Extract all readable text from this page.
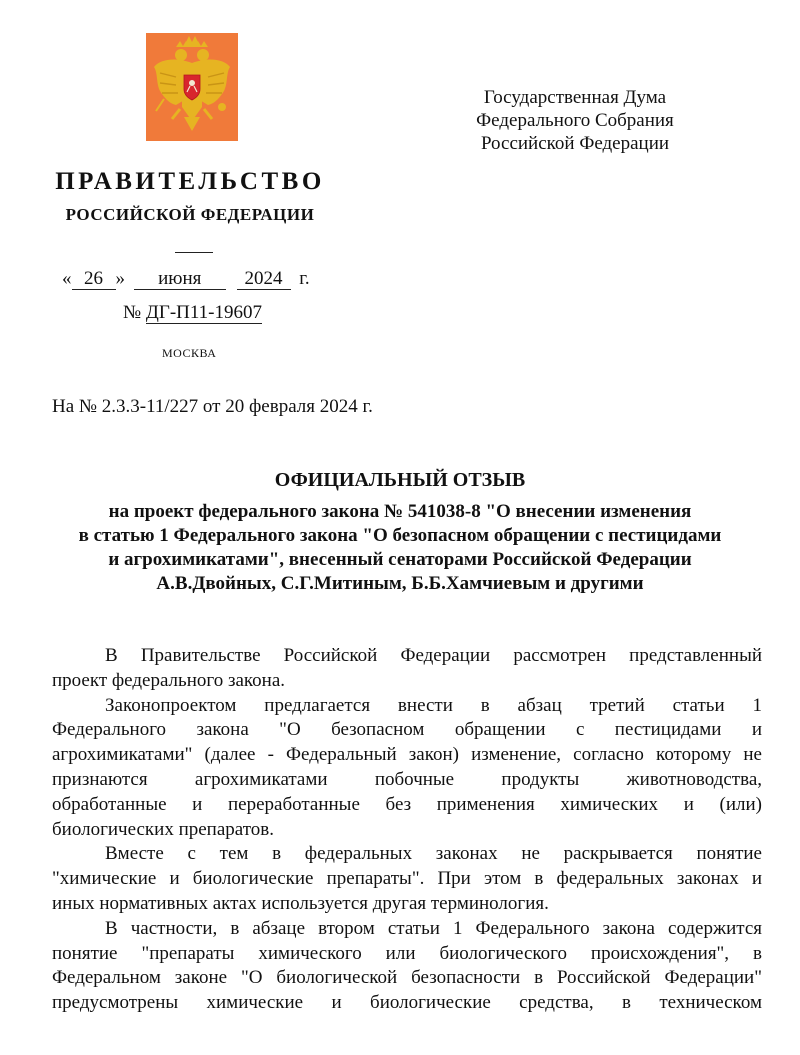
Государственная Дума
Федерального Собрания
Российской Федерации
ПРАВИТЕЛЬСТВО
РОССИЙСКОЙ ФЕДЕРАЦИИ
« 26 » июня 2024 г.
№ ДГ-П11-19607
МОСКВА
На № 2.3.3-11/227 от 20 февраля 2024 г.
ОФИЦИАЛЬНЫЙ ОТЗЫВ
на проект федерального закона № 541038-8 "О внесении изменения
в статью 1 Федерального закона "О безопасном обращении с пестицидами
и агрохимикатами", внесенный сенаторами Российской Федерации
А.В.Двойных, С.Г.Митиным, Б.Б.Хамчиевым и другими
В Правительстве Российской Федерации рассмотрен представленный
проект федерального закона.
Законопроектом предлагается внести в абзац третий статьи 1
Федерального закона "О безопасном обращении с пестицидами и
агрохимикатами" (далее - Федеральный закон) изменение, согласно которому не
признаются агрохимикатами побочные продукты животноводства,
обработанные и переработанные без применения химических и (или)
биологических препаратов.
Вместе с тем в федеральных законах не раскрывается понятие
"химические и биологические препараты". При этом в федеральных законах и
иных нормативных актах используется другая терминология.
В частности, в абзаце втором статьи 1 Федерального закона содержится
понятие "препараты химического или биологического происхождения", в
Федеральном законе "О биологической безопасности в Российской Федерации"
предусмотрены химические и биологические средства, в техническом
